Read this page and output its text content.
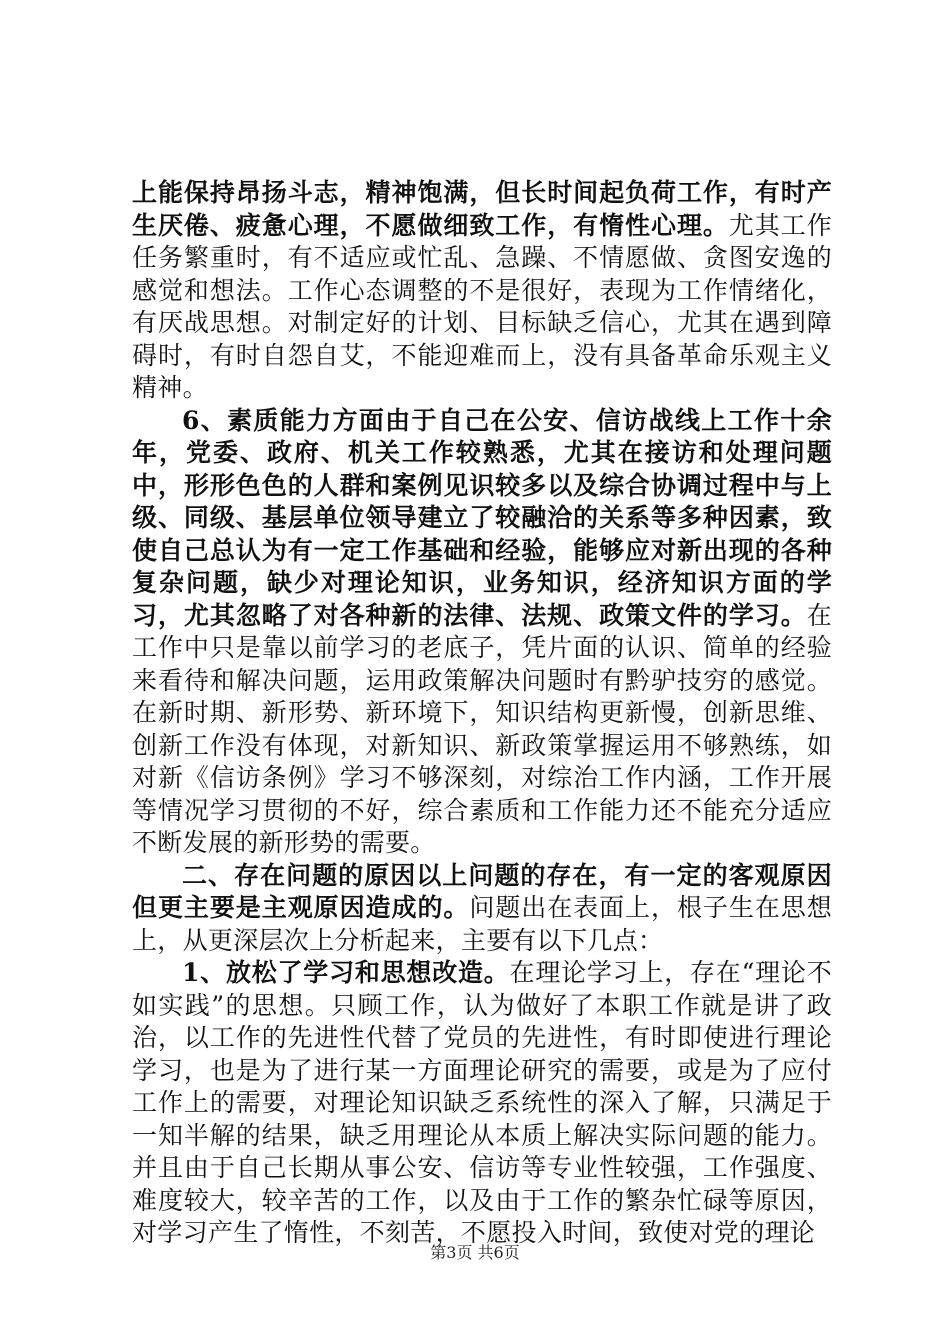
上能保持昂扬斗志，精神饱满，但长时间起负荷工作，有时产生厌倦、疲惫心理，不愿做细致工作，有惰性心理。尤其工作任务繁重时，有不适应或忙乱、急躁、不情愿做、贪图安逸的感觉和想法。工作心态调整的不是很好，表现为工作情绪化，有厌战思想。对制定好的计划、目标缺乏信心，尤其在遇到障碍时，有时自怨自艾，不能迎难而上，没有具备革命乐观主义精神。

6、素质能力方面由于自己在公安、信访战线上工作十余年，党委、政府、机关工作较熟悉，尤其在接访和处理问题中，形形色色的人群和案例见识较多以及综合协调过程中与上级、同级、基层单位领导建立了较融洽的关系等多种因素，致使自己总认为有一定工作基础和经验，能够应对新出现的各种复杂问题，缺少对理论知识，业务知识，经济知识方面的学习，尤其忽略了对各种新的法律、法规、政策文件的学习。在工作中只是靠以前学习的老底子，凭片面的认识、简单的经验来看待和解决问题，运用政策解决问题时有黔驴技穷的感觉。在新时期、新形势、新环境下，知识结构更新慢，创新思维、创新工作没有体现，对新知识、新政策掌握运用不够熟练，如对新《信访条例》学习不够深刻，对综治工作内涵，工作开展等情况学习贯彻的不好，综合素质和工作能力还不能充分适应不断发展的新形势的需要。

二、存在问题的原因以上问题的存在，有一定的客观原因但更主要是主观原因造成的。问题出在表面上，根子生在思想上，从更深层次上分析起来，主要有以下几点：

1、放松了学习和思想改造。在理论学习上，存在“理论不如实践”的思想。只顾工作，认为做好了本职工作就是讲了政治，以工作的先进性代替了党员的先进性，有时即使进行理论学习，也是为了进行某一方面理论研究的需要，或是为了应付工作上的需要，对理论知识缺乏系统性的深入了解，只满足于一知半解的结果，缺乏用理论从本质上解决实际问题的能力。并且由于自己长期从事公安、信访等专业性较强，工作强度、难度较大，较辛苦的工作，以及由于工作的繁杂忙碌等原因，对学习产生了惰性，不刻苦，不愿投入时间，致使对党的理论

第3页 共6页
